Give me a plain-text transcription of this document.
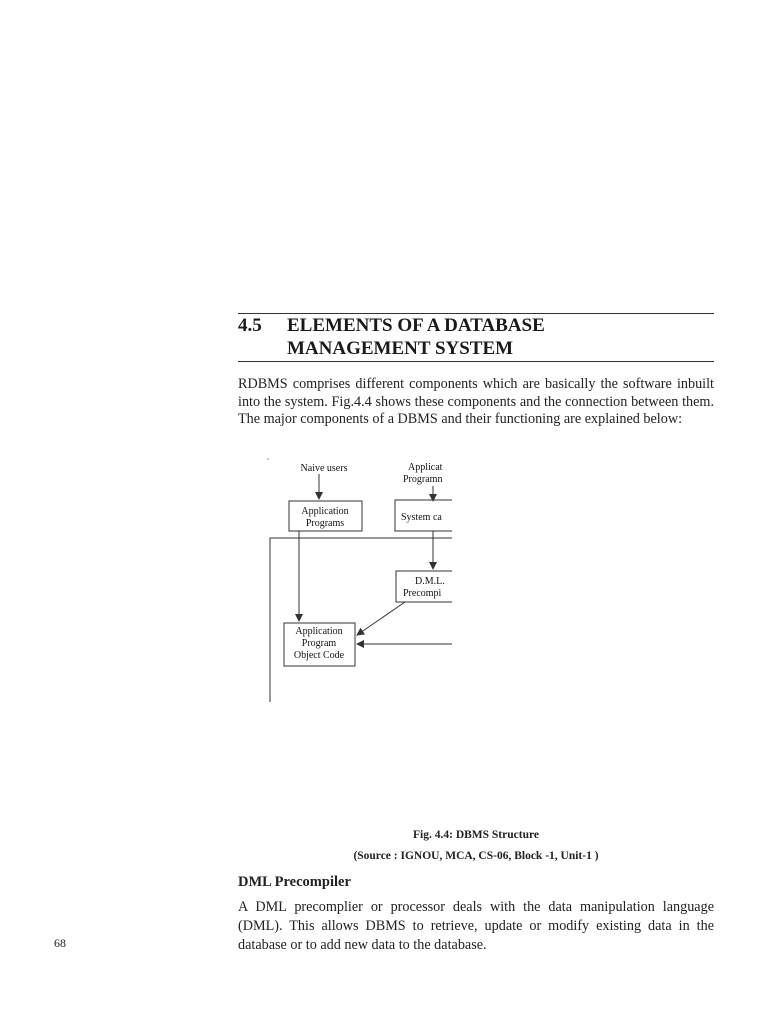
4.5 ELEMENTS OF A DATABASE
MANAGEMENT SYSTEM

RDBMS comprises different components which are basically the software inbuilt into the system. Fig.4.4 shows these components and the connection between them. The major components of a DBMS and their functioning are explained below:

Naive users	Applicat
Programn
Application
Programs
System ca
D.M.L.
Precompi
Application
Program
Object Code

Fig. 4.4: DBMS Structure

(Source : IGNOU, MCA, CS-06, Block -1, Unit-1 )

DML Precompiler

A DML precomplier or processor deals with the data manipulation language (DML). This allows DBMS to retrieve, update or modify existing data in the database or to add new data to the database.

68
